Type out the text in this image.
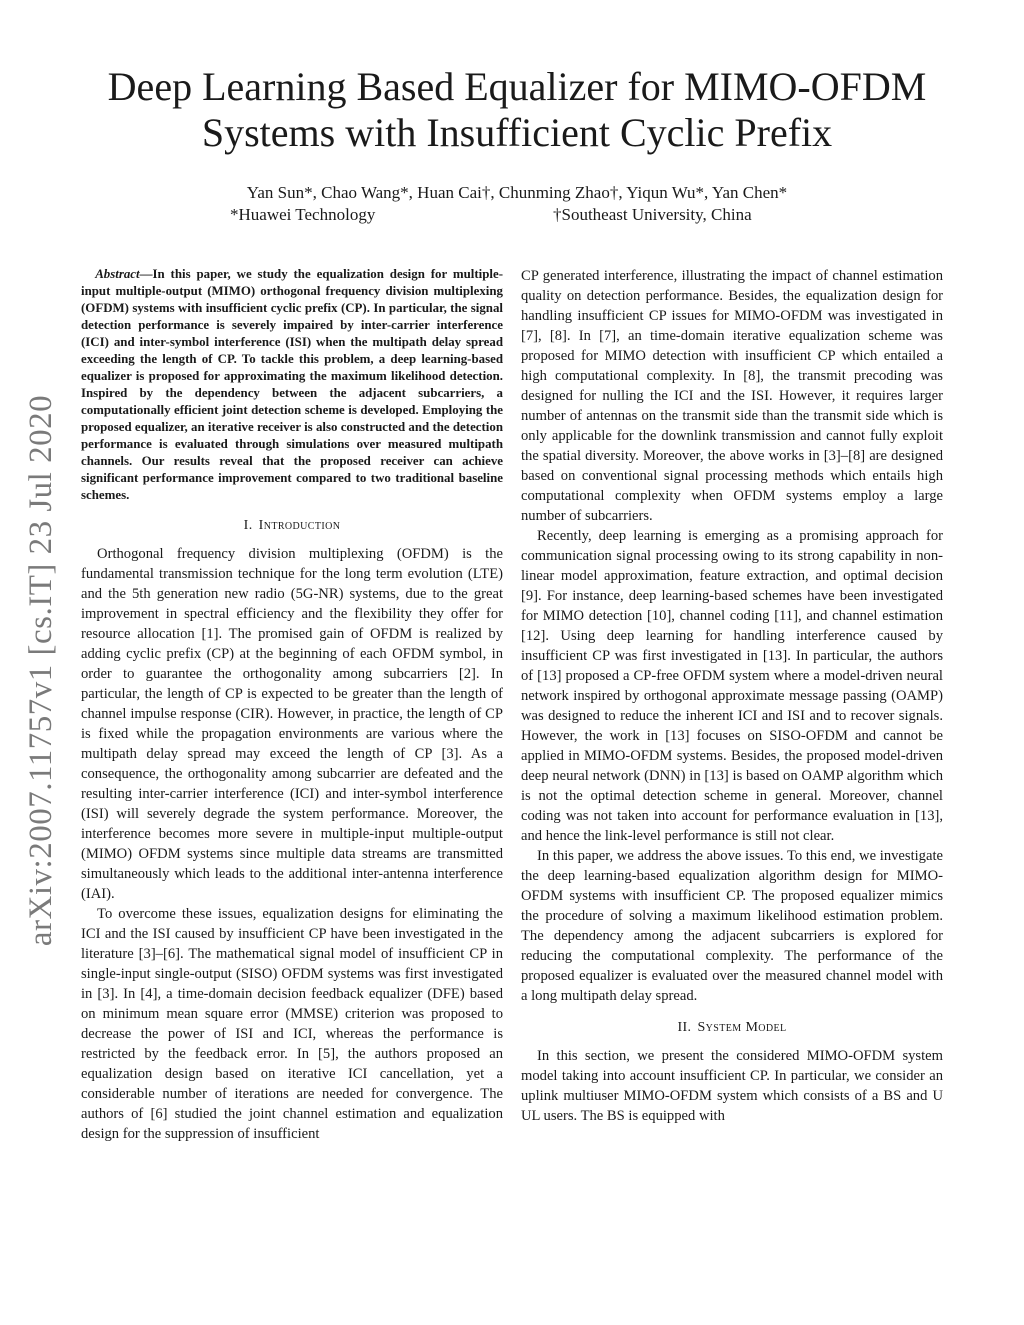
arXiv:2007.11757v1 [cs.IT] 23 Jul 2020
Deep Learning Based Equalizer for MIMO-OFDM
Systems with Insufficient Cyclic Prefix
Yan Sun*, Chao Wang*, Huan Cai†, Chunming Zhao†, Yiqun Wu*, Yan Chen*
*Huawei Technology	†Southeast University, China

Abstract—In this paper, we study the equalization design for multiple-input multiple-output (MIMO) orthogonal frequency division multiplexing (OFDM) systems with insufficient cyclic prefix (CP). In particular, the signal detection performance is severely impaired by inter-carrier interference (ICI) and inter-symbol interference (ISI) when the multipath delay spread exceeding the length of CP. To tackle this problem, a deep learning-based equalizer is proposed for approximating the maximum likelihood detection. Inspired by the dependency between the adjacent subcarriers, a computationally efficient joint detection scheme is developed. Employing the proposed equalizer, an iterative receiver is also constructed and the detection performance is evaluated through simulations over measured multipath channels. Our results reveal that the proposed receiver can achieve significant performance improvement compared to two traditional baseline schemes.

I. Introduction

Orthogonal frequency division multiplexing (OFDM) is the fundamental transmission technique for the long term evolution (LTE) and the 5th generation new radio (5G-NR) systems, due to the great improvement in spectral efficiency and the flexibility they offer for resource allocation [1]. The promised gain of OFDM is realized by adding cyclic prefix (CP) at the beginning of each OFDM symbol, in order to guarantee the orthogonality among subcarriers [2]. In particular, the length of CP is expected to be greater than the length of channel impulse response (CIR). However, in practice, the length of CP is fixed while the propagation environments are various where the multipath delay spread may exceed the length of CP [3]. As a consequence, the orthogonality among subcarrier are defeated and the resulting inter-carrier interference (ICI) and inter-symbol interference (ISI) will severely degrade the system performance. Moreover, the interference becomes more severe in multiple-input multiple-output (MIMO) OFDM systems since multiple data streams are transmitted simultaneously which leads to the additional inter-antenna interference (IAI).

To overcome these issues, equalization designs for eliminating the ICI and the ISI caused by insufficient CP have been investigated in the literature [3]–[6]. The mathematical signal model of insufficient CP in single-input single-output (SISO) OFDM systems was first investigated in [3]. In [4], a time-domain decision feedback equalizer (DFE) based on minimum mean square error (MMSE) criterion was proposed to decrease the power of ISI and ICI, whereas the performance is restricted by the feedback error. In [5], the authors proposed an equalization design based on iterative ICI cancellation, yet a considerable number of iterations are needed for convergence. The authors of [6] studied the joint channel estimation and equalization design for the suppression of insufficient

CP generated interference, illustrating the impact of channel estimation quality on detection performance. Besides, the equalization design for handling insufficient CP issues for MIMO-OFDM was investigated in [7], [8]. In [7], an time-domain iterative equalization scheme was proposed for MIMO detection with insufficient CP which entailed a high computational complexity. In [8], the transmit precoding was designed for nulling the ICI and the ISI. However, it requires larger number of antennas on the transmit side than the transmit side which is only applicable for the downlink transmission and cannot fully exploit the spatial diversity. Moreover, the above works in [3]–[8] are designed based on conventional signal processing methods which entails high computational complexity when OFDM systems employ a large number of subcarriers.

Recently, deep learning is emerging as a promising approach for communication signal processing owing to its strong capability in non-linear model approximation, feature extraction, and optimal decision [9]. For instance, deep learning-based schemes have been investigated for MIMO detection [10], channel coding [11], and channel estimation [12]. Using deep learning for handling interference caused by insufficient CP was first investigated in [13]. In particular, the authors of [13] proposed a CP-free OFDM system where a model-driven neural network inspired by orthogonal approximate message passing (OAMP) was designed to reduce the inherent ICI and ISI and to recover signals. However, the work in [13] focuses on SISO-OFDM and cannot be applied in MIMO-OFDM systems. Besides, the proposed model-driven deep neural network (DNN) in [13] is based on OAMP algorithm which is not the optimal detection scheme in general. Moreover, channel coding was not taken into account for performance evaluation in [13], and hence the link-level performance is still not clear.

In this paper, we address the above issues. To this end, we investigate the deep learning-based equalization algorithm design for MIMO-OFDM systems with insufficient CP. The proposed equalizer mimics the procedure of solving a maximum likelihood estimation problem. The dependency among the adjacent subcarriers is explored for reducing the computational complexity. The performance of the proposed equalizer is evaluated over the measured channel model with a long multipath delay spread.

II. System Model

In this section, we present the considered MIMO-OFDM system model taking into account insufficient CP. In particular, we consider an uplink multiuser MIMO-OFDM system which consists of a BS and U UL users. The BS is equipped with
